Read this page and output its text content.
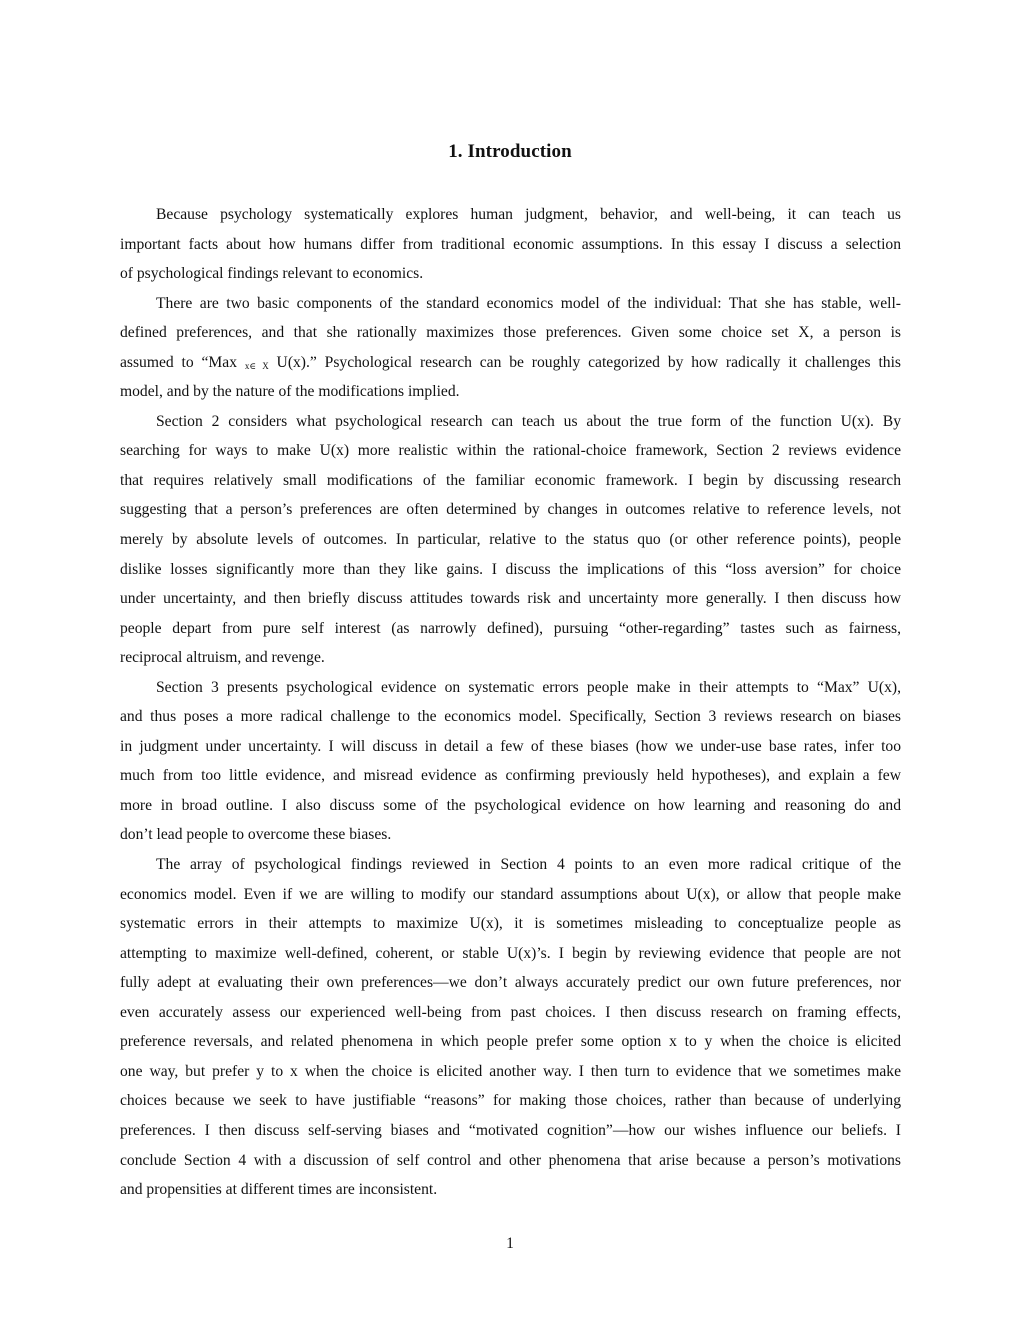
1. Introduction
Because psychology systematically explores human judgment, behavior, and well-being, it can teach us
important facts about how humans differ from traditional economic assumptions. In this essay I discuss a selection
of psychological findings relevant to economics.
There are two basic components of the standard economics model of the individual: That she has stable, well-
defined preferences, and that she rationally maximizes those preferences. Given some choice set X, a person is
assumed to “Max $_{x\in X}$ U(x).” Psychological research can be roughly categorized by how radically it challenges this
model, and by the nature of the modifications implied.
Section 2 considers what psychological research can teach us about the true form of the function U(x). By
searching for ways to make U(x) more realistic within the rational-choice framework, Section 2 reviews evidence
that requires relatively small modifications of the familiar economic framework. I begin by discussing research
suggesting that a person’s preferences are often determined by changes in outcomes relative to reference levels, not
merely by absolute levels of outcomes. In particular, relative to the status quo (or other reference points), people
dislike losses significantly more than they like gains. I discuss the implications of this “loss aversion” for choice
under uncertainty, and then briefly discuss attitudes towards risk and uncertainty more generally. I then discuss how
people depart from pure self interest (as narrowly defined), pursuing “other-regarding” tastes such as fairness,
reciprocal altruism, and revenge.
Section 3 presents psychological evidence on systematic errors people make in their attempts to “Max” U(x),
and thus poses a more radical challenge to the economics model. Specifically, Section 3 reviews research on biases
in judgment under uncertainty. I will discuss in detail a few of these biases (how we under-use base rates, infer too
much from too little evidence, and misread evidence as confirming previously held hypotheses), and explain a few
more in broad outline. I also discuss some of the psychological evidence on how learning and reasoning do and
don’t lead people to overcome these biases.
The array of psychological findings reviewed in Section 4 points to an even more radical critique of the
economics model. Even if we are willing to modify our standard assumptions about U(x), or allow that people make
systematic errors in their attempts to maximize U(x), it is sometimes misleading to conceptualize people as
attempting to maximize well-defined, coherent, or stable U(x)’s. I begin by reviewing evidence that people are not
fully adept at evaluating their own preferences—we don’t always accurately predict our own future preferences, nor
even accurately assess our experienced well-being from past choices. I then discuss research on framing effects,
preference reversals, and related phenomena in which people prefer some option x to y when the choice is elicited
one way, but prefer y to x when the choice is elicited another way. I then turn to evidence that we sometimes make
choices because we seek to have justifiable “reasons” for making those choices, rather than because of underlying
preferences. I then discuss self-serving biases and “motivated cognition”—how our wishes influence our beliefs. I
conclude Section 4 with a discussion of self control and other phenomena that arise because a person’s motivations
and propensities at different times are inconsistent.
1
